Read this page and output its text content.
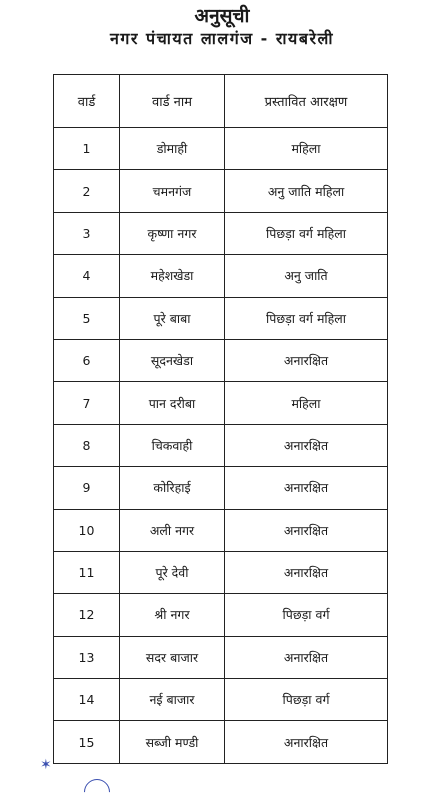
अनुसूची
नगर पंचायत लालगंज - रायबरेली
वार्ड	वार्ड नाम	प्रस्तावित आरक्षण
1	डोमाही	महिला
2	चमनगंज	अनु जाति महिला
3	कृष्णा नगर	पिछड़ा वर्ग महिला
4	महेशखेडा	अनु जाति
5	पूरे बाबा	पिछड़ा वर्ग महिला
6	सूदनखेडा	अनारक्षित
7	पान दरीबा	महिला
8	चिकवाही	अनारक्षित
9	कोरिहाई	अनारक्षित
10	अली नगर	अनारक्षित
11	पूरे देवी	अनारक्षित
12	श्री नगर	पिछड़ा वर्ग
13	सदर बाजार	अनारक्षित
14	नई बाजार	पिछड़ा वर्ग
15	सब्जी मण्डी	अनारक्षित
✶
